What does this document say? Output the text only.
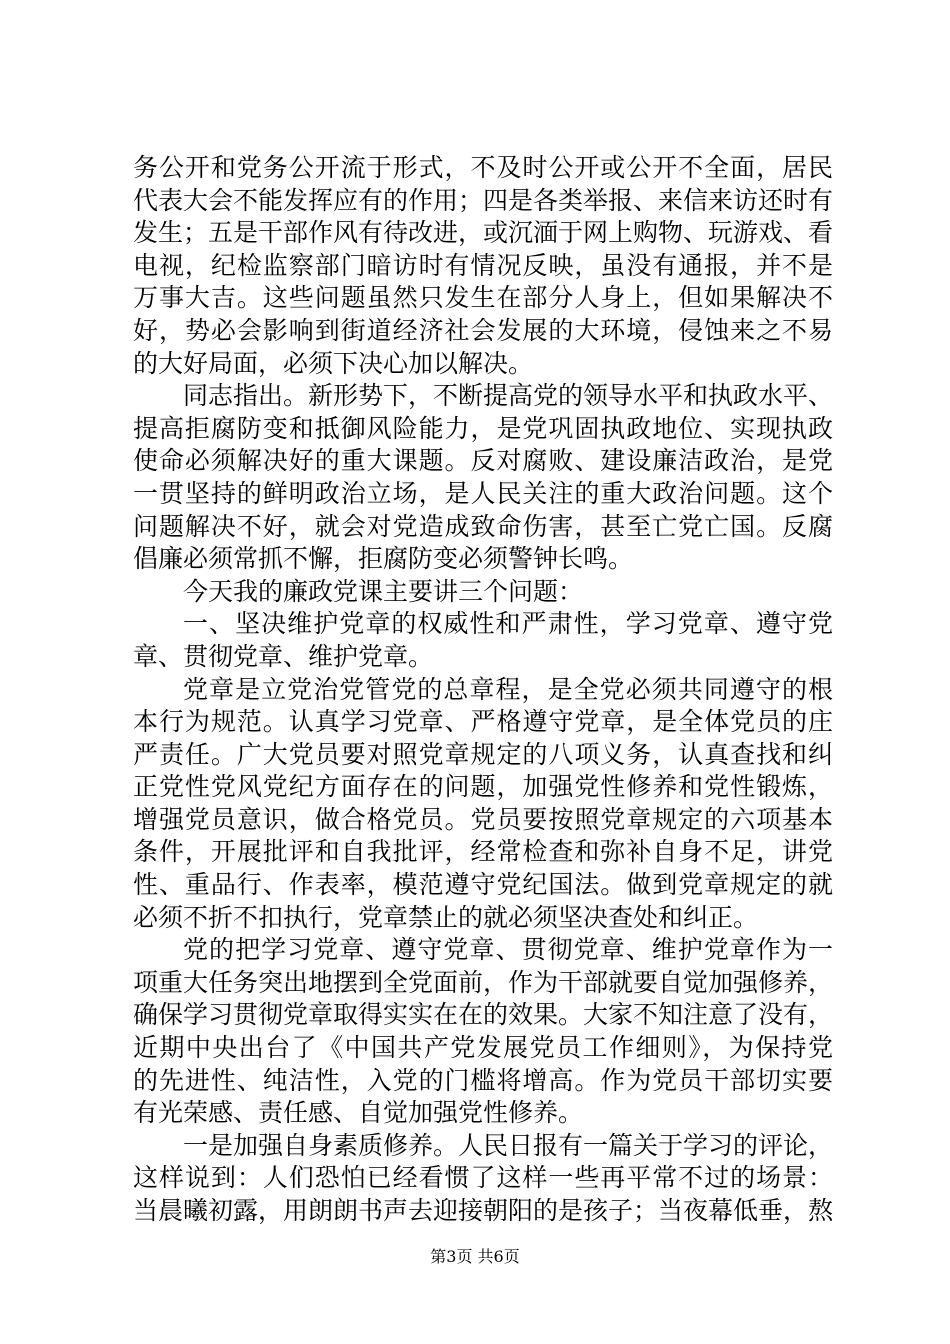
务公开和党务公开流于形式，不及时公开或公开不全面，居民
代表大会不能发挥应有的作用；四是各类举报、来信来访还时有
发生；五是干部作风有待改进，或沉湎于网上购物、玩游戏、看
电视，纪检监察部门暗访时有情况反映，虽没有通报，并不是
万事大吉。这些问题虽然只发生在部分人身上，但如果解决不
好，势必会影响到街道经济社会发展的大环境，侵蚀来之不易
的大好局面，必须下决心加以解决。
同志指出。新形势下，不断提高党的领导水平和执政水平、
提高拒腐防变和抵御风险能力，是党巩固执政地位、实现执政
使命必须解决好的重大课题。反对腐败、建设廉洁政治，是党
一贯坚持的鲜明政治立场，是人民关注的重大政治问题。这个
问题解决不好，就会对党造成致命伤害，甚至亡党亡国。反腐
倡廉必须常抓不懈，拒腐防变必须警钟长鸣。
今天我的廉政党课主要讲三个问题：
一、坚决维护党章的权威性和严肃性，学习党章、遵守党
章、贯彻党章、维护党章。
党章是立党治党管党的总章程，是全党必须共同遵守的根
本行为规范。认真学习党章、严格遵守党章，是全体党员的庄
严责任。广大党员要对照党章规定的八项义务，认真查找和纠
正党性党风党纪方面存在的问题，加强党性修养和党性锻炼，
增强党员意识，做合格党员。党员要按照党章规定的六项基本
条件，开展批评和自我批评，经常检查和弥补自身不足，讲党
性、重品行、作表率，模范遵守党纪国法。做到党章规定的就
必须不折不扣执行，党章禁止的就必须坚决查处和纠正。
党的把学习党章、遵守党章、贯彻党章、维护党章作为一
项重大任务突出地摆到全党面前，作为干部就要自觉加强修养，
确保学习贯彻党章取得实实在在的效果。大家不知注意了没有，
近期中央出台了《中国共产党发展党员工作细则》，为保持党
的先进性、纯洁性，入党的门槛将增高。作为党员干部切实要
有光荣感、责任感、自觉加强党性修养。
一是加强自身素质修养。人民日报有一篇关于学习的评论，
这样说到：人们恐怕已经看惯了这样一些再平常不过的场景：
当晨曦初露，用朗朗书声去迎接朝阳的是孩子；当夜幕低垂，熬
第3页 共6页
